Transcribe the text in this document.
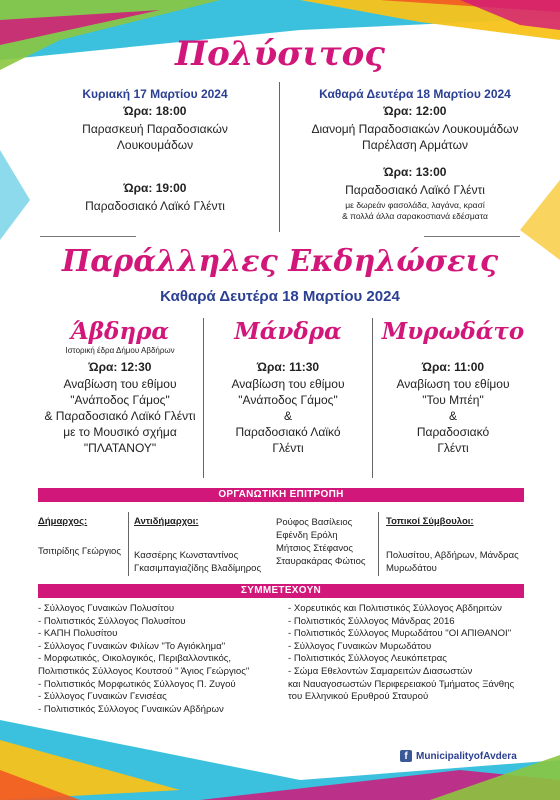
Πολύσιτος
Κυριακή 17 Μαρτίου 2024
Ώρα: 18:00
Παρασκευή Παραδοσιακών
Λουκουμάδων
Ώρα: 19:00
Παραδοσιακό Λαϊκό Γλέντι
Καθαρά Δευτέρα 18 Μαρτίου 2024
Ώρα: 12:00
Διανομή Παραδοσιακών Λουκουμάδων
Παρέλαση Αρμάτων
Ώρα: 13:00
Παραδοσιακό Λαϊκό Γλέντι
με δωρεάν φασολάδα, λαγάνα, κρασί
& πολλά άλλα σαρακοστιανά εδέσματα
Παράλληλες Εκδηλώσεις
Καθαρά Δευτέρα 18 Μαρτίου 2024
Άβδηρα
Ιστορική έδρα Δήμου Αβδήρων
Ώρα: 12:30
Αναβίωση του εθίμου
"Ανάποδος Γάμος"
& Παραδοσιακό Λαϊκό Γλέντι
με το Μουσικό σχήμα
"ΠΛΑΤΑΝΟΥ"
Μάνδρα
Ώρα: 11:30
Αναβίωση του εθίμου
"Ανάποδος Γάμος"
&
Παραδοσιακό Λαϊκό
Γλέντι
Μυρωδάτο
Ώρα: 11:00
Αναβίωση του εθίμου
"Του Μπέη"
&
Παραδοσιακό
Γλέντι
ΟΡΓΑΝΩΤΙΚΗ ΕΠΙΤΡΟΠΗ
Δήμαρχος:
Τσιτιρίδης Γεώργιος
Αντιδήμαρχοι:
Κασσέρης Κωνσταντίνος
Γκασιμπαγιαζίδης Βλαδίμηρος
Ρούφος Βασίλειος
Εφένδη Ερόλη
Μήτσιος Στέφανος
Σταυρακάρας Φώτιος
Τοπικοί Σύμβουλοι:
Πολυσίτου, Αβδήρων, Μάνδρας
Μυρωδάτου
ΣΥΜΜΕΤΕΧΟΥΝ
- Σύλλογος Γυναικών Πολυσίτου
- Πολιτιστικός Σύλλογος Πολυσίτου
- ΚΑΠΗ Πολυσίτου
- Σύλλογος Γυναικών Φιλίων "Το Αγιόκλημα"
- Μορφωτικός, Οικολογικός, Περιβαλλοντικός,
Πολιτιστικός Σύλλογος Κουτσού " Άγιος Γεώργιος"
- Πολιτιστικός Μορφωτικός Σύλλογος Π. Ζυγού
- Σύλλογος Γυναικών Γενισέας
- Πολιτιστικός Σύλλογος Γυναικών Αβδήρων
- Χορευτικός και Πολιτιστικός Σύλλογος Αβδηριτών
- Πολιτιστικός Σύλλογος Μάνδρας 2016
- Πολιτιστικός Σύλλογος Μυρωδάτου "ΟΙ ΑΠΙΘΑΝΟΙ"
- Σύλλογος Γυναικών Μυρωδάτου
- Πολιτιστικός Σύλλογος Λευκόπετρας
- Σώμα Εθελοντών Σαμαρειτών Διασωστών
και Ναυαγοσωστών Περιφερειακού Τμήματος Ξάνθης
του Ελληνικού Ερυθρού Σταυρού
f MunicipalityofAvdera
